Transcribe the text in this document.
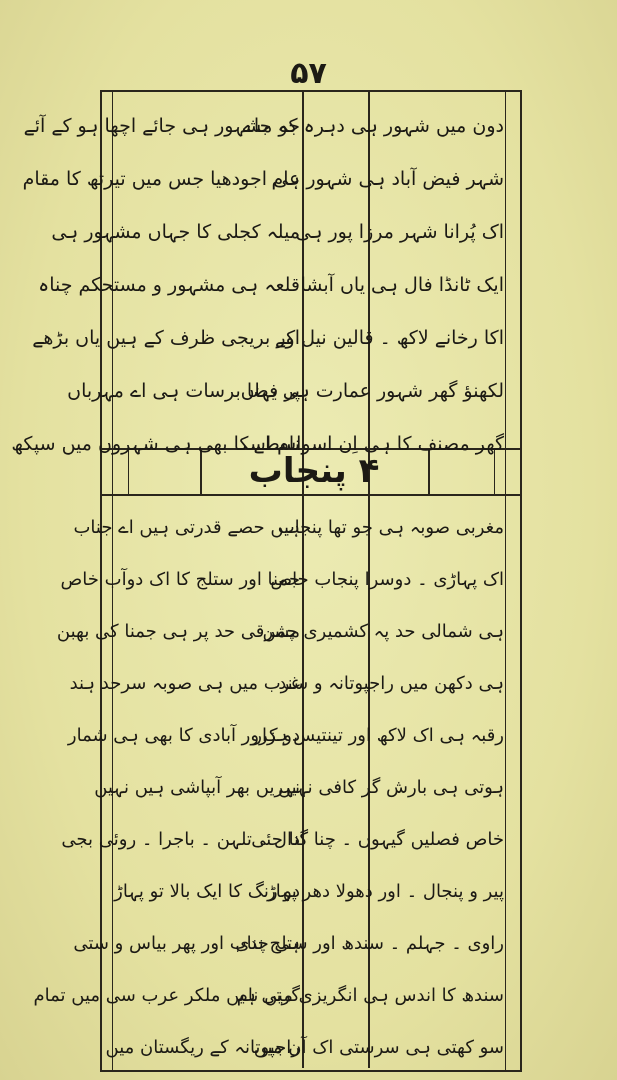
۵۷
۴ پنجاب
دون میں شہور ہی دہرہ کہ جاے
شہر فیض آباد ہی شہور عام
اک پُرانا شہر مرزا پور ہی
ایک ٹانڈا فال ہی یاں آبشا
اکا رخانے لاکھ ۔ قالین نیل کے
لکھنؤ گھر شہور عمارت ہی یہاں
گھر مصنف کا ہی اِن اسواسطے
جو مشہور ہی جائے اچھا ہو کے آئے
ہی اجودھیا جس میں تیرتھ کا مقام
میلہ کجلی کا جہاں مشہور ہی
قلعہ ہی مشہور و مستحکم چناہ
اور بریجی ظرف کے ہیں یاں بڑھے
پر فضا برسات ہی اے مہرباں
نام اسکا بھی ہی شہروں میں سپکھ
مغربی صوبہ ہی جو تھا پنجاب
اک پہاڑی ۔ دوسرا پنجاب خاص
ہی شمالی حد پہ کشمیری چمن
ہی دکھن میں راجپوتانہ و سند
رقبہ ہی اک لاکھ اور تینتیس ہزار
ہوتی ہی بارش گر کافی نہیں
خاص فصلیں گیہوں ۔ چنا گنا جئی
پیر و پنجال ۔ اور دھولا دھر پہاڑ
راوی ۔ جہلم ۔ سندھ اور ستلج ندی
سندھ کا اندس ہی انگریزی میں نام
سو کھتی ہی سرستی اک آن میں
ہیں حصے قدرتی ہیں اے جناب
جمنا اور ستلج کا اک دوآب خاص
مشرقی حد پر ہی جمنا کی بھبن
غرب میں ہی صوبہ سرحد ہند
دو کرور آبادی کا بھی ہی شمار
نہریں بھر آبپاشی ہیں نہیں
دال ۔ تلہن ۔ باجرا ۔ روئی بجی
دو رنگ کا ایک بالا تو پہاڑ
ہی چناب اور پھر بیاس و ستی
گرتی ہیں ملکر عرب سی میں تمام
راجپوتانہ کے ریگستان میں
